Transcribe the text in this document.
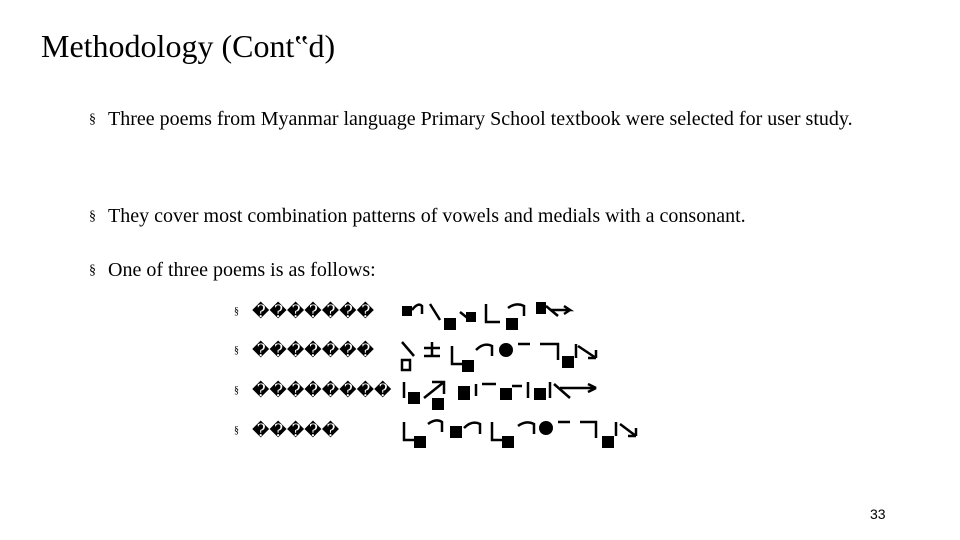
Methodology (Cont‟d)
§ Three poems from Myanmar language Primary School textbook were selected for user study.
§ They cover most combination patterns of vowels and medials with a consonant.
§ One of three poems is as follows:
§ �������
§ �������
§ ��������
§ �����
33
